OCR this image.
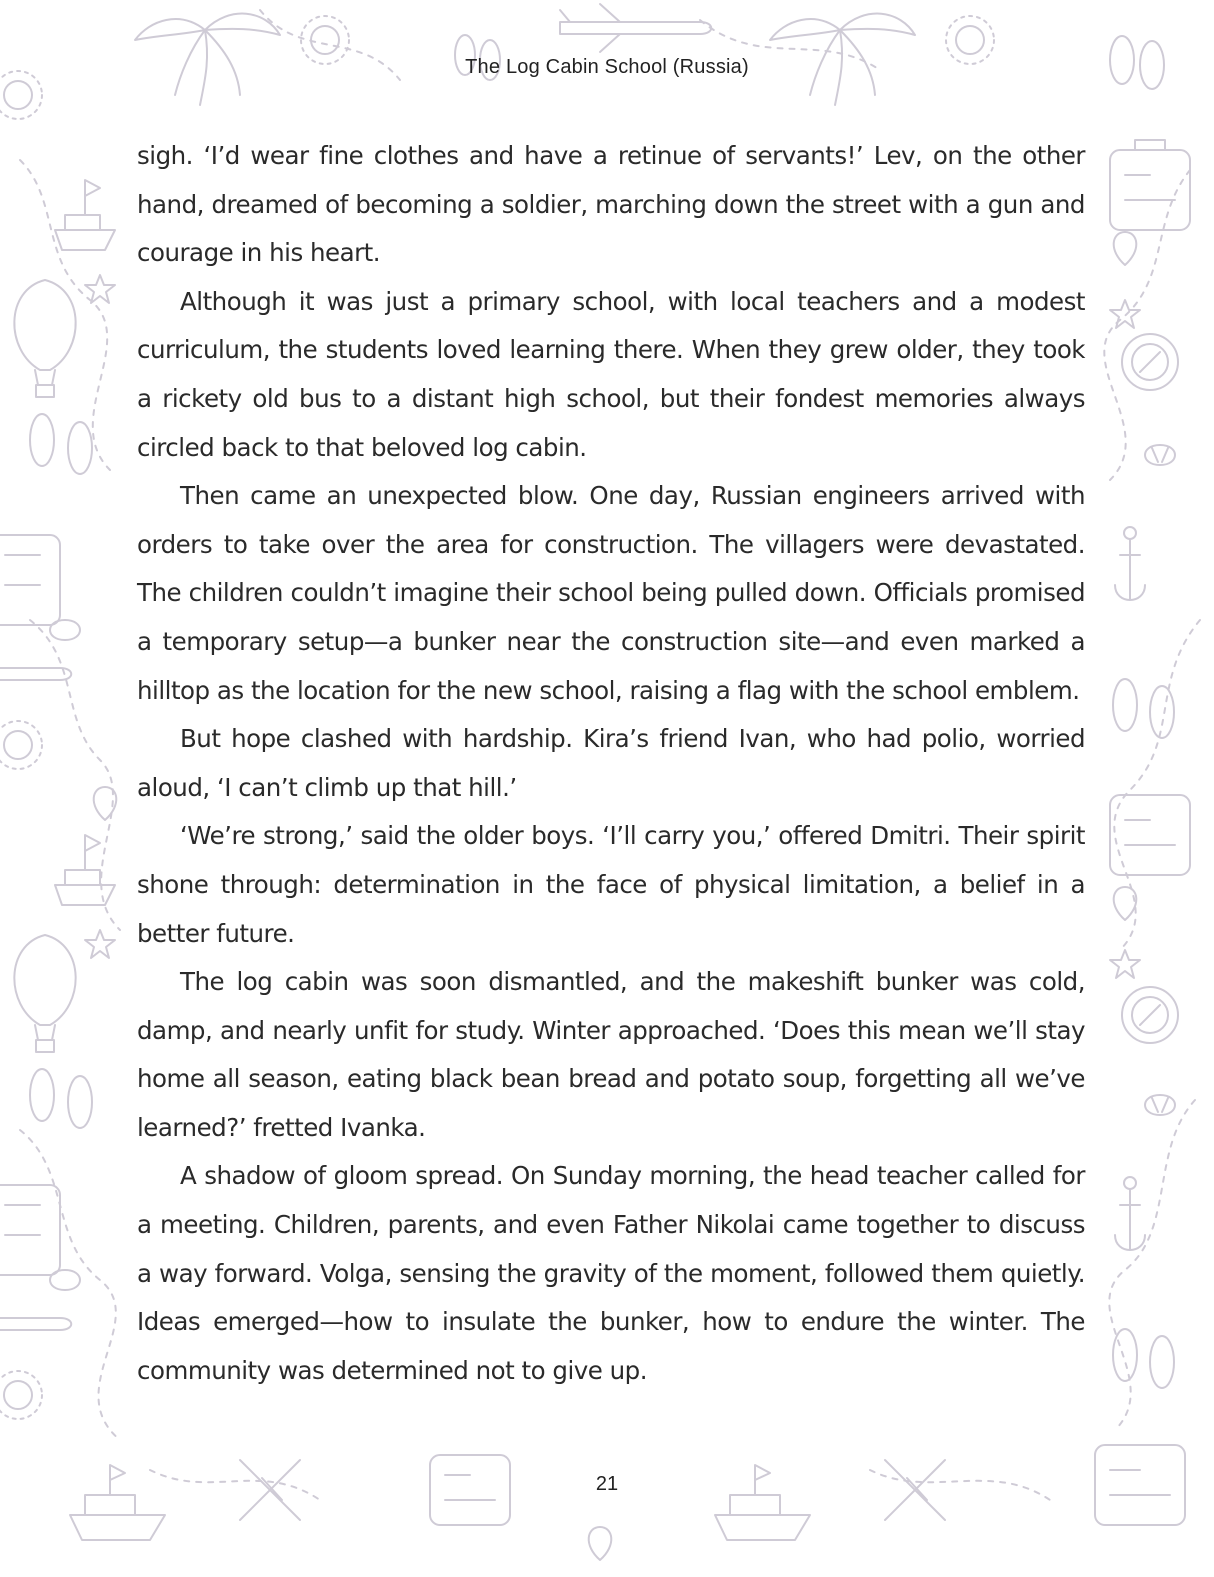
The Log Cabin School (Russia)

sigh. ‘I’d wear fine clothes and have a retinue of servants!’ Lev, on the other hand, dreamed of becoming a soldier, marching down the street with a gun and courage in his heart.

Although it was just a primary school, with local teachers and a modest curriculum, the students loved learning there. When they grew older, they took a rickety old bus to a distant high school, but their fondest memories always circled back to that beloved log cabin.

Then came an unexpected blow. One day, Russian engineers arrived with orders to take over the area for construction. The villagers were devastated. The children couldn’t imagine their school being pulled down. Officials promised a temporary setup—a bunker near the construction site—and even marked a hilltop as the location for the new school, raising a flag with the school emblem.

But hope clashed with hardship. Kira’s friend Ivan, who had polio, worried aloud, ‘I can’t climb up that hill.’

‘We’re strong,’ said the older boys. ‘I’ll carry you,’ offered Dmitri. Their spirit shone through: determination in the face of physical limitation, a belief in a better future.

The log cabin was soon dismantled, and the makeshift bunker was cold, damp, and nearly unfit for study. Winter approached. ‘Does this mean we’ll stay home all season, eating black bean bread and potato soup, forgetting all we’ve learned?’ fretted Ivanka.

A shadow of gloom spread. On Sunday morning, the head teacher called for a meeting. Children, parents, and even Father Nikolai came together to discuss a way forward. Volga, sensing the gravity of the moment, followed them quietly. Ideas emerged—how to insulate the bunker, how to endure the winter. The community was determined not to give up.

21
